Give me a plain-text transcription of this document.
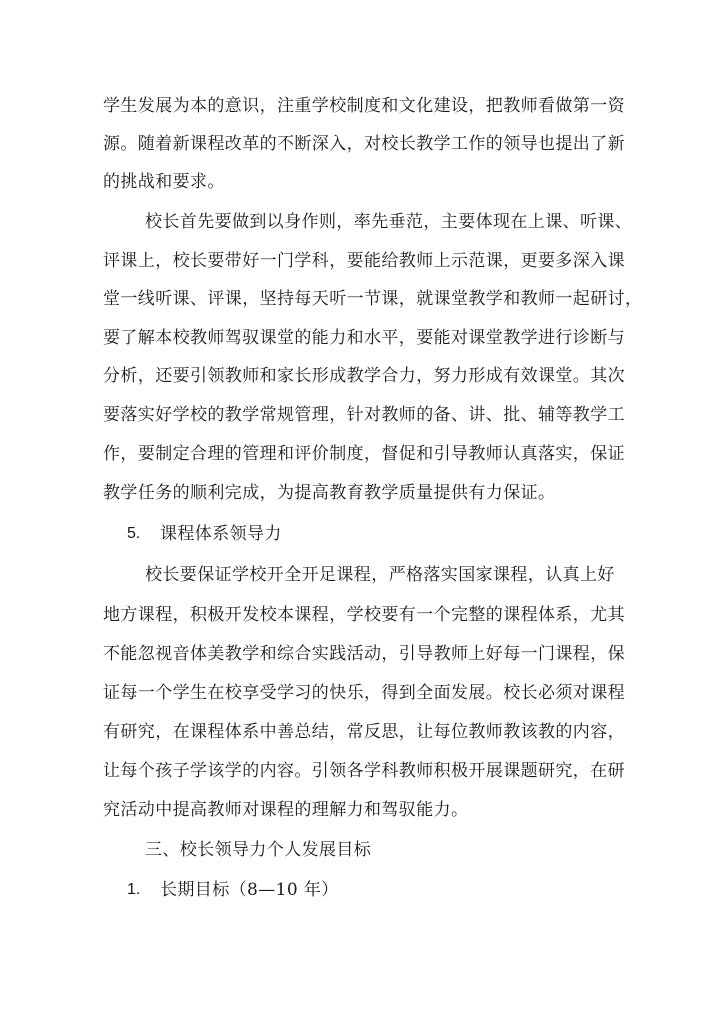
学生发展为本的意识，注重学校制度和文化建设，把教师看做第一资
源。随着新课程改革的不断深入，对校长教学工作的领导也提出了新
的挑战和要求。
校长首先要做到以身作则，率先垂范，主要体现在上课、听课、
评课上，校长要带好一门学科，要能给教师上示范课，更要多深入课
堂一线听课、评课，坚持每天听一节课，就课堂教学和教师一起研讨，
要了解本校教师驾驭课堂的能力和水平，要能对课堂教学进行诊断与
分析，还要引领教师和家长形成教学合力，努力形成有效课堂。其次
要落实好学校的教学常规管理，针对教师的备、讲、批、辅等教学工
作，要制定合理的管理和评价制度，督促和引导教师认真落实，保证
教学任务的顺利完成，为提高教育教学质量提供有力保证。
5. 课程体系领导力
校长要保证学校开全开足课程，严格落实国家课程，认真上好
地方课程，积极开发校本课程，学校要有一个完整的课程体系，尤其
不能忽视音体美教学和综合实践活动，引导教师上好每一门课程，保
证每一个学生在校享受学习的快乐，得到全面发展。校长必须对课程
有研究，在课程体系中善总结，常反思，让每位教师教该教的内容，
让每个孩子学该学的内容。引领各学科教师积极开展课题研究，在研
究活动中提高教师对课程的理解力和驾驭能力。
三、校长领导力个人发展目标
1. 长期目标（8—10 年）
